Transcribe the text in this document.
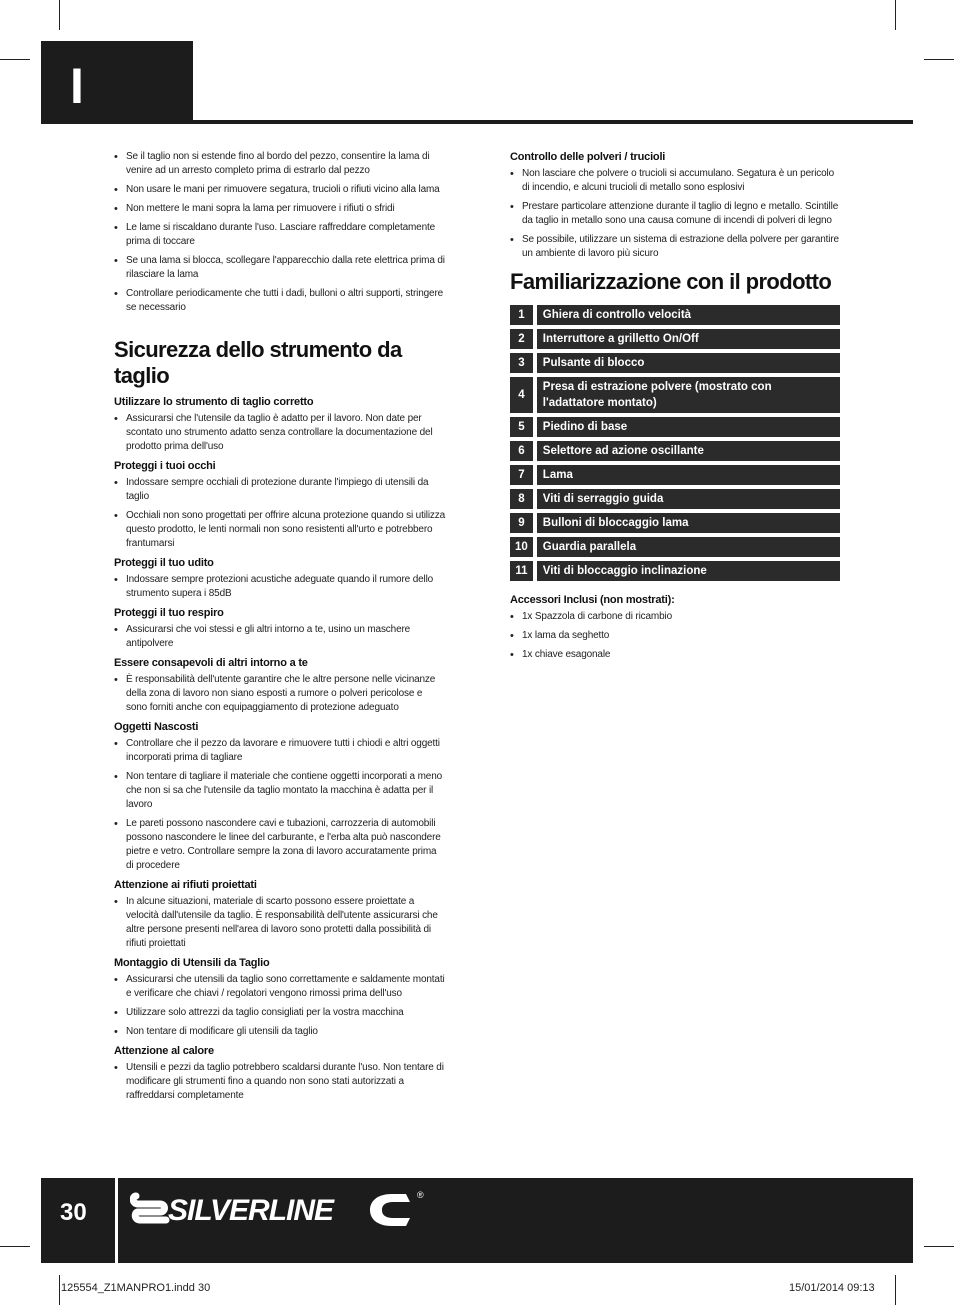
I
• Se il taglio non si estende fino al bordo del pezzo, consentire la lama di venire ad un arresto completo prima di estrarlo dal pezzo
• Non usare le mani per rimuovere segatura, trucioli o rifiuti vicino alla lama
• Non mettere le mani sopra la lama per rimuovere i rifiuti o sfridi
• Le lame si riscaldano durante l'uso. Lasciare raffreddare completamente prima di toccare
• Se una lama si blocca, scollegare l'apparecchio dalla rete elettrica prima di rilasciare la lama
• Controllare periodicamente che tutti i dadi, bulloni o altri supporti, stringere se necessario
Sicurezza dello strumento da taglio
Utilizzare lo strumento di taglio corretto
• Assicurarsi che l'utensile da taglio è adatto per il lavoro. Non date per scontato uno strumento adatto senza controllare la documentazione del prodotto prima dell'uso
Proteggi i tuoi occhi
• Indossare sempre occhiali di protezione durante l'impiego di utensili da taglio
• Occhiali non sono progettati per offrire alcuna protezione quando si utilizza questo prodotto, le lenti normali non sono resistenti all'urto e potrebbero frantumarsi
Proteggi il tuo udito
• Indossare sempre protezioni acustiche adeguate quando il rumore dello strumento supera i 85dB
Proteggi il tuo respiro
• Assicurarsi che voi stessi e gli altri intorno a te, usino un maschere antipolvere
Essere consapevoli di altri intorno a te
• È responsabilità dell'utente garantire che le altre persone nelle vicinanze della zona di lavoro non siano esposti a rumore o polveri pericolose e sono forniti anche con equipaggiamento di protezione adeguato
Oggetti Nascosti
• Controllare che il pezzo da lavorare e rimuovere tutti i chiodi e altri oggetti incorporati prima di tagliare
• Non tentare di tagliare il materiale che contiene oggetti incorporati a meno che non si sa che l'utensile da taglio montato la macchina è adatta per il lavoro
• Le pareti possono nascondere cavi e tubazioni, carrozzeria di automobili possono nascondere le linee del carburante, e l'erba alta può nascondere pietre e vetro. Controllare sempre la zona di lavoro accuratamente prima di procedere
Attenzione ai rifiuti proiettati
• In alcune situazioni, materiale di scarto possono essere proiettate a velocità dall'utensile da taglio. È responsabilità dell'utente assicurarsi che altre persone presenti nell'area di lavoro sono protetti dalla possibilità di rifiuti proiettati
Montaggio di Utensili da Taglio
• Assicurarsi che utensili da taglio sono correttamente e saldamente montati e verificare che chiavi / regolatori vengono rimossi prima dell'uso
• Utilizzare solo attrezzi da taglio consigliati per la vostra macchina
• Non tentare di modificare gli utensili da taglio
Attenzione al calore
• Utensili e pezzi da taglio potrebbero scaldarsi durante l'uso. Non tentare di modificare gli strumenti fino a quando non sono stati autorizzati a raffreddarsi completamente
Controllo delle polveri / trucioli
• Non lasciare che polvere o trucioli si accumulano. Segatura è un pericolo di incendio, e alcuni trucioli di metallo sono esplosivi
• Prestare particolare attenzione durante il taglio di legno e metallo. Scintille da taglio in metallo sono una causa comune di incendi di polveri di legno
• Se possibile, utilizzare un sistema di estrazione della polvere per garantire un ambiente di lavoro più sicuro
Familiarizzazione con il prodotto
1	Ghiera di controllo velocità
2	Interruttore a grilletto On/Off
3	Pulsante di blocco
4	Presa di estrazione polvere (mostrato con l'adattatore montato)
5	Piedino di base
6	Selettore ad azione oscillante
7	Lama
8	Viti di serraggio guida
9	Bulloni di bloccaggio lama
10	Guardia parallela
11	Viti di bloccaggio inclinazione
Accessori Inclusi (non mostrati):
• 1x Spazzola di carbone di ricambio
• 1x lama da seghetto
• 1x chiave esagonale
30	SILVERLINE	®
125554_Z1MANPRO1.indd 30	15/01/2014 09:13
